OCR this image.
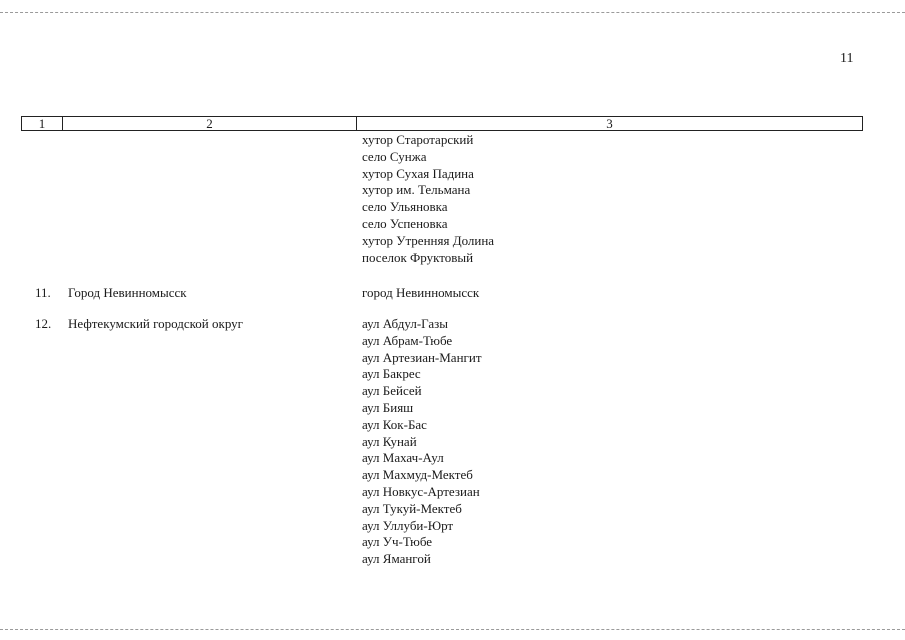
11
1	2	3
хутор Старотарский
село Сунжа
хутор Сухая Падина
хутор им. Тельмана
село Ульяновка
село Успеновка
хутор Утренняя Долина
поселок Фруктовый
11. Город Невинномысск	город Невинномысск
12. Нефтекумский городской округ	аул Абдул-Газы
аул Абрам-Тюбе
аул Артезиан-Мангит
аул Бакрес
аул Бейсей
аул Бияш
аул Кок-Бас
аул Кунай
аул Махач-Аул
аул Махмуд-Мектеб
аул Новкус-Артезиан
аул Тукуй-Мектеб
аул Уллуби-Юрт
аул Уч-Тюбе
аул Ямангой
